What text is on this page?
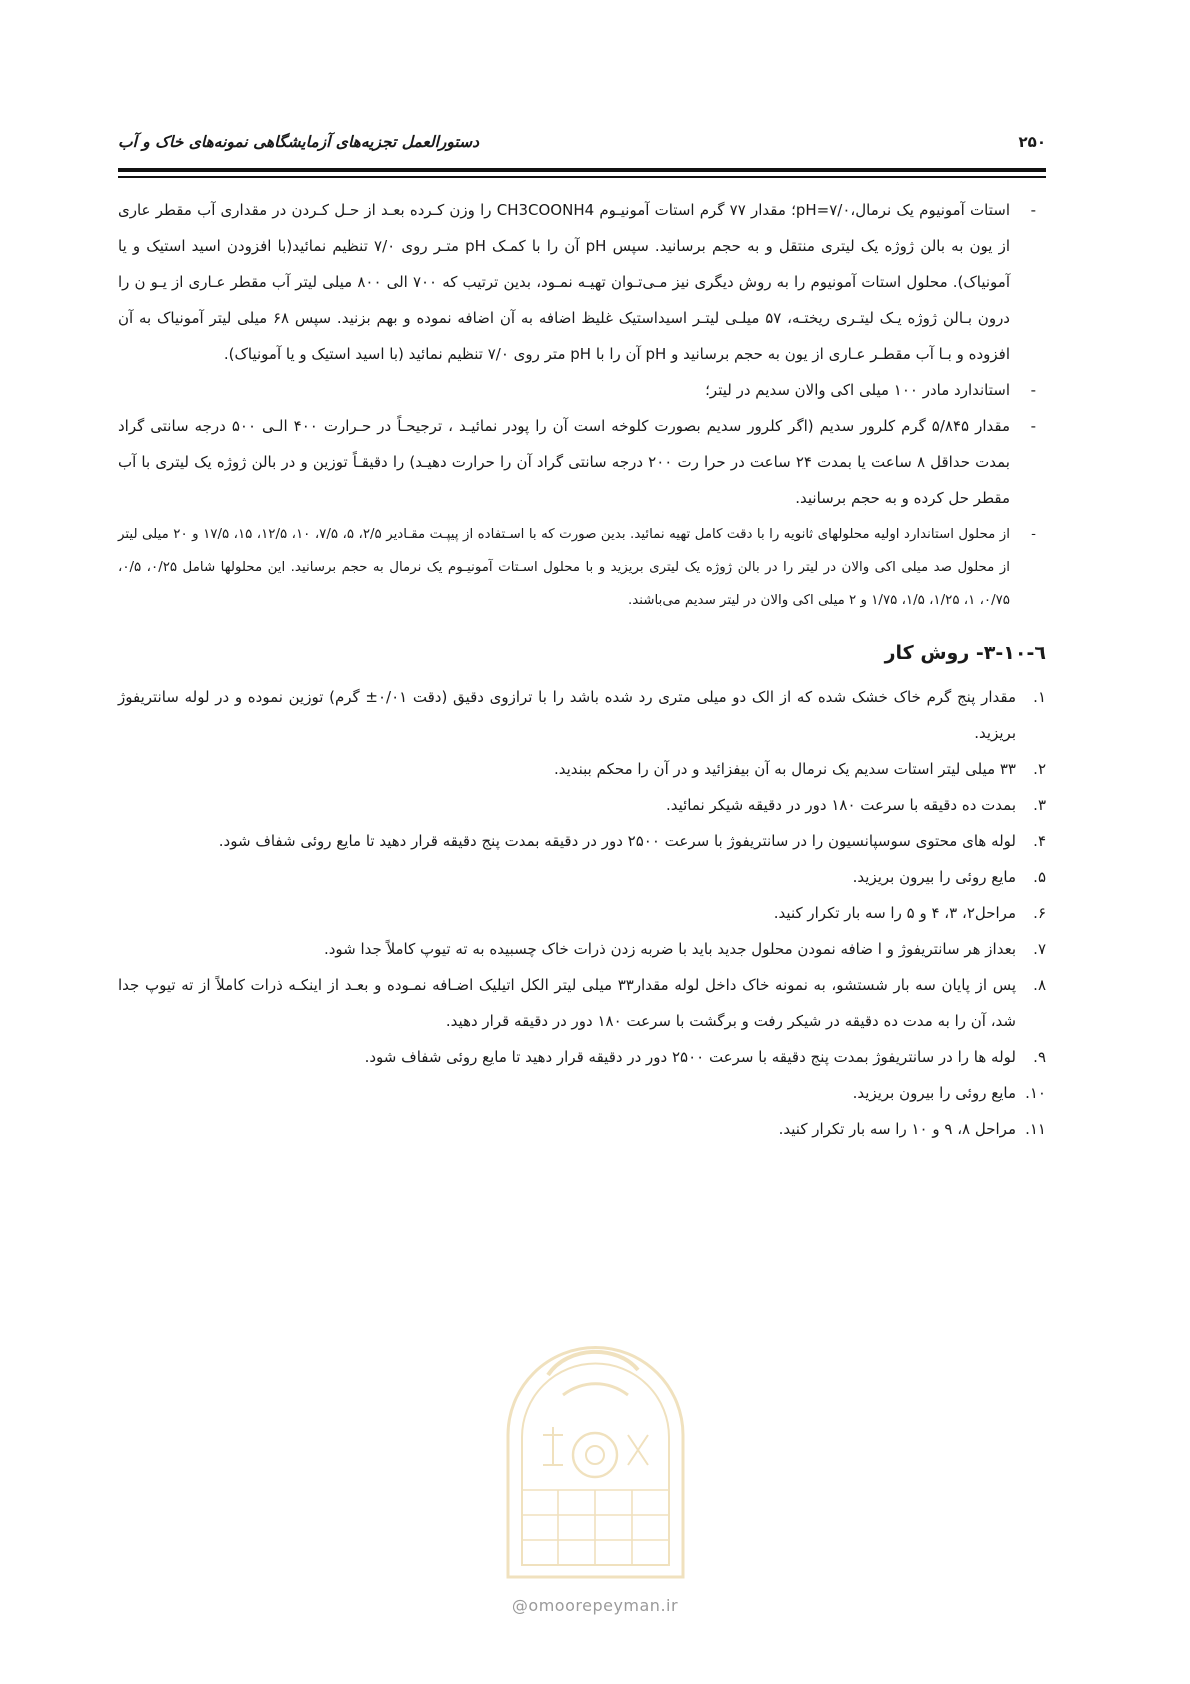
۲۵۰
دستورالعمل تجزیه‌های آزمایشگاهی نمونه‌های خاک و آب
-
استات آمونیوم یک نرمال،pH=۷/۰؛ مقدار ۷۷ گرم استات آمونیـوم CH3COONH4 را وزن کـرده بعـد از حـل کـردن در مقداری آب مقطر عاری از یون به بالن ژوژه یک لیتری منتقل و به حجم برسانید. سپس pH آن را با کمـک pH متـر روی ۷/۰ تنظیم نمائید(با افزودن اسید استیک و یا آمونیاک). محلول استات آمونیوم را به روش دیگری نیز مـی‌تـوان تهیـه نمـود، بدین ترتیب که ۷۰۰ الی ۸۰۰ میلی لیتر آب مقطر عـاری از یـو ن را درون بـالن ژوژه یـک لیتـری ریختـه، ۵۷ میلـی لیتـر اسیداستیک غلیظ اضافه به آن اضافه نموده و بهم بزنید. سپس ۶۸ میلی لیتر آمونیاک به آن افزوده و بـا آب مقطـر عـاری از یون به حجم برسانید و pH آن را با pH متر روی ۷/۰ تنظیم نمائید (با اسید استیک و یا آمونیاک).
-
استاندارد مادر ۱۰۰ میلی اکی والان سدیم در لیتر؛
-
مقدار ۵/۸۴۵ گرم کلرور سدیم (اگر کلرور سدیم بصورت کلوخه است آن را پودر نمائیـد ، ترجیحـاً در حـرارت ۴۰۰ الـی ۵۰۰ درجه سانتی گراد بمدت حداقل ۸ ساعت یا بمدت ۲۴ ساعت در حرا رت ۲۰۰ درجه سانتی گراد آن را حرارت دهیـد) را دقیقـاً توزین و در بالن ژوژه یک لیتری با آب مقطر حل کرده و به حجم برسانید.
-
از محلول استاندارد اولیه محلولهای ثانویه را با دقت کامل تهیه نمائید. بدین صورت که با اسـتفاده از پیپـت مقـادیر ۲/۵، ۵، ۷/۵، ۱۰، ۱۲/۵، ۱۵، ۱۷/۵ و ۲۰ میلی لیتر از محلول صد میلی اکی والان در لیتر را در بالن ژوژه یک لیتری بریزید و با محلول اسـتات آمونیـوم یک نرمال به حجم برسانید. این محلولها شامل ۰/۲۵، ۰/۵، ۰/۷۵، ۱، ۱/۲۵، ۱/۵، ۱/۷۵ و ۲ میلی اکی والان در لیتر سدیم می‌باشند.
٦-١٠-٣- روش کار
۱.
مقدار پنج گرم خاک خشک شده که از الک دو میلی متری رد شده باشد را با ترازوی دقیق (دقت ۰/۰۱± گرم) توزین نموده و در لوله سانتریفوژ بریزید.
۲.
۳۳ میلی لیتر استات سدیم یک نرمال به آن بیفزائید و در آن را محکم ببندید.
۳.
بمدت ده دقیقه با سرعت ۱۸۰ دور در دقیقه شیکر نمائید.
۴.
لوله های محتوی سوسپانسیون را در سانتریفوژ با سرعت ۲۵۰۰ دور در دقیقه بمدت پنج دقیقه قرار دهید تا مایع روئی شفاف شود.
۵.
مایع روئی را بیرون بریزید.
۶.
مراحل۲، ۳، ۴ و ۵ را سه بار تکرار کنید.
۷.
بعداز هر سانتریفوژ و ا ضافه نمودن محلول جدید باید با ضربه زدن ذرات خاک چسبیده به ته تیوپ کاملاً جدا شود.
۸.
پس از پایان سه بار شستشو، به نمونه خاک داخل لوله مقدار۳۳ میلی لیتر الکل اتیلیک اضـافه نمـوده و بعـد از اینکـه ذرات کاملاً از ته تیوپ جدا شد، آن را به مدت ده دقیقه در شیکر رفت و برگشت با سرعت ۱۸۰ دور در دقیقه قرار دهید.
۹.
لوله ها را در سانتریفوژ بمدت پنج دقیقه با سرعت ۲۵۰۰ دور در دقیقه قرار دهید تا مایع روئی شفاف شود.
۱۰.
مایع روئی را بیرون بریزید.
۱۱.
مراحل ۸، ۹ و ۱۰ را سه بار تکرار کنید.
@omoorepeyman.ir
